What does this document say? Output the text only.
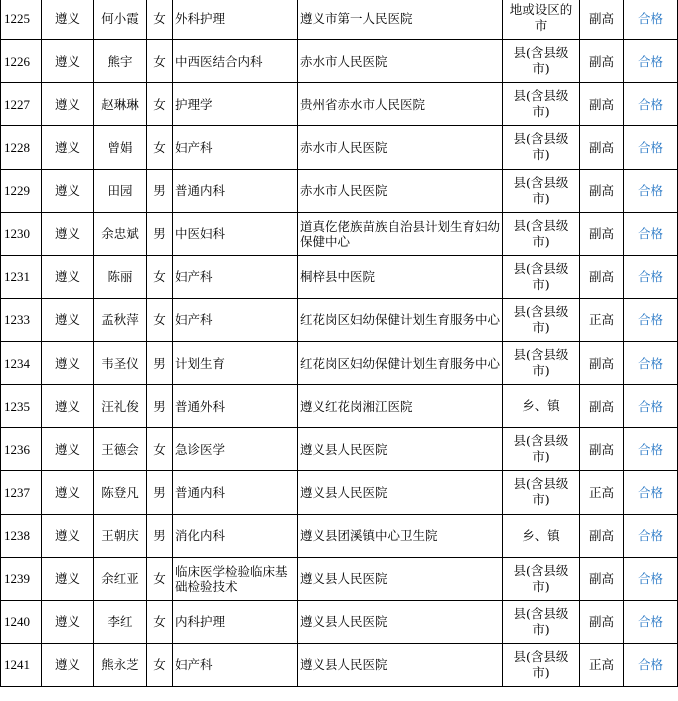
1225	遵义	何小霞	女	外科护理	遵义市第一人民医院	地或设区的市	副高	合格
1226	遵义	熊宇	女	中西医结合内科	赤水市人民医院	县(含县级市)	副高	合格
1227	遵义	赵琳琳	女	护理学	贵州省赤水市人民医院	县(含县级市)	副高	合格
1228	遵义	曾娟	女	妇产科	赤水市人民医院	县(含县级市)	副高	合格
1229	遵义	田园	男	普通内科	赤水市人民医院	县(含县级市)	副高	合格
1230	遵义	余忠斌	男	中医妇科	道真仡佬族苗族自治县计划生育妇幼保健中心	县(含县级市)	副高	合格
1231	遵义	陈丽	女	妇产科	桐梓县中医院	县(含县级市)	副高	合格
1233	遵义	孟秋萍	女	妇产科	红花岗区妇幼保健计划生育服务中心	县(含县级市)	正高	合格
1234	遵义	韦圣仪	男	计划生育	红花岗区妇幼保健计划生育服务中心	县(含县级市)	副高	合格
1235	遵义	汪礼俊	男	普通外科	遵义红花岗湘江医院	乡、镇	副高	合格
1236	遵义	王德会	女	急诊医学	遵义县人民医院	县(含县级市)	副高	合格
1237	遵义	陈登凡	男	普通内科	遵义县人民医院	县(含县级市)	正高	合格
1238	遵义	王朝庆	男	消化内科	遵义县团溪镇中心卫生院	乡、镇	副高	合格
1239	遵义	余红亚	女	临床医学检验临床基础检验技术	遵义县人民医院	县(含县级市)	副高	合格
1240	遵义	李红	女	内科护理	遵义县人民医院	县(含县级市)	副高	合格
1241	遵义	熊永芝	女	妇产科	遵义县人民医院	县(含县级市)	正高	合格
